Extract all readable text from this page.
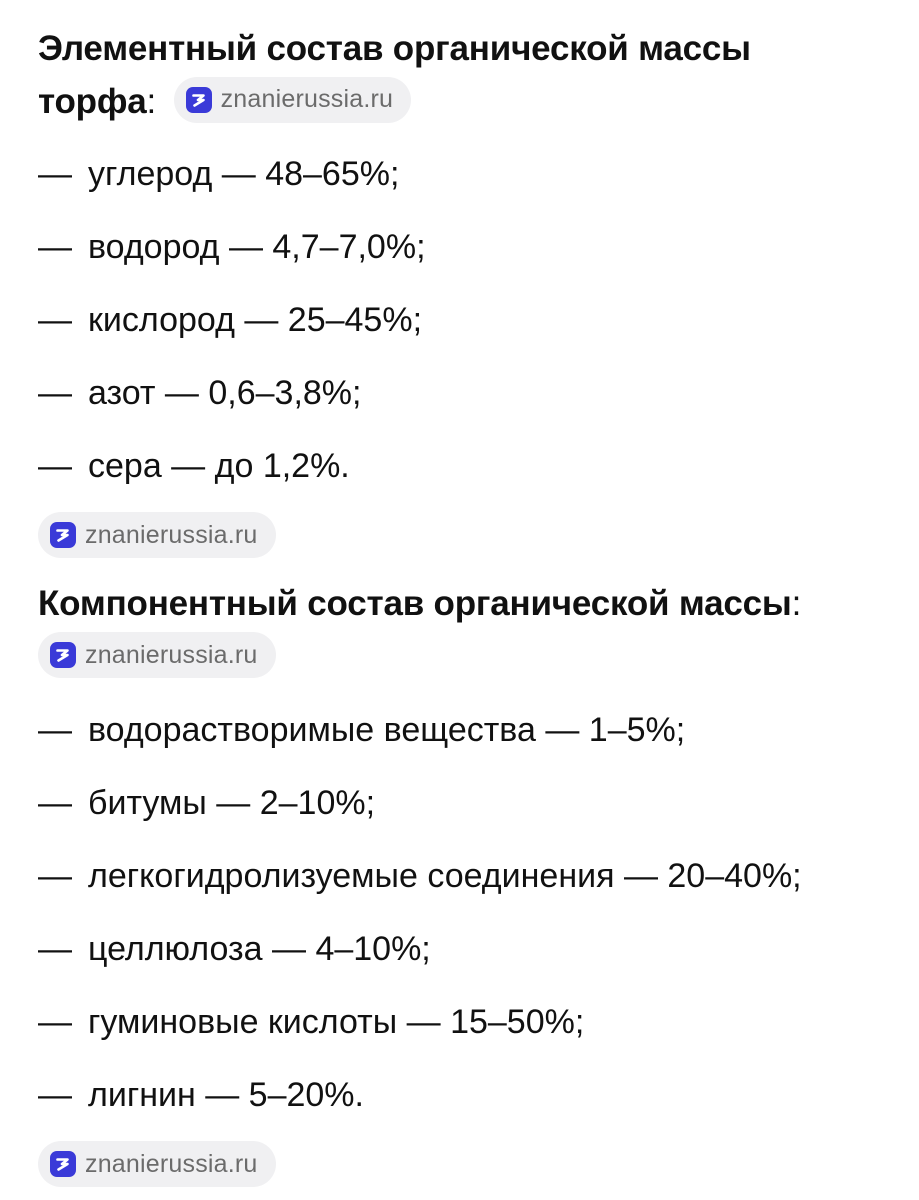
Элементный состав органической массы
торфа:	znanierussia.ru
— углерод — 48–65%;
— водород — 4,7–7,0%;
— кислород — 25–45%;
— азот — 0,6–3,8%;
— сера — до 1,2%.
znanierussia.ru
Компонентный состав органической массы:
znanierussia.ru
— водорастворимые вещества — 1–5%;
— битумы — 2–10%;
— легкогидролизуемые соединения — 20–40%;
— целлюлоза — 4–10%;
— гуминовые кислоты — 15–50%;
— лигнин — 5–20%.
znanierussia.ru
